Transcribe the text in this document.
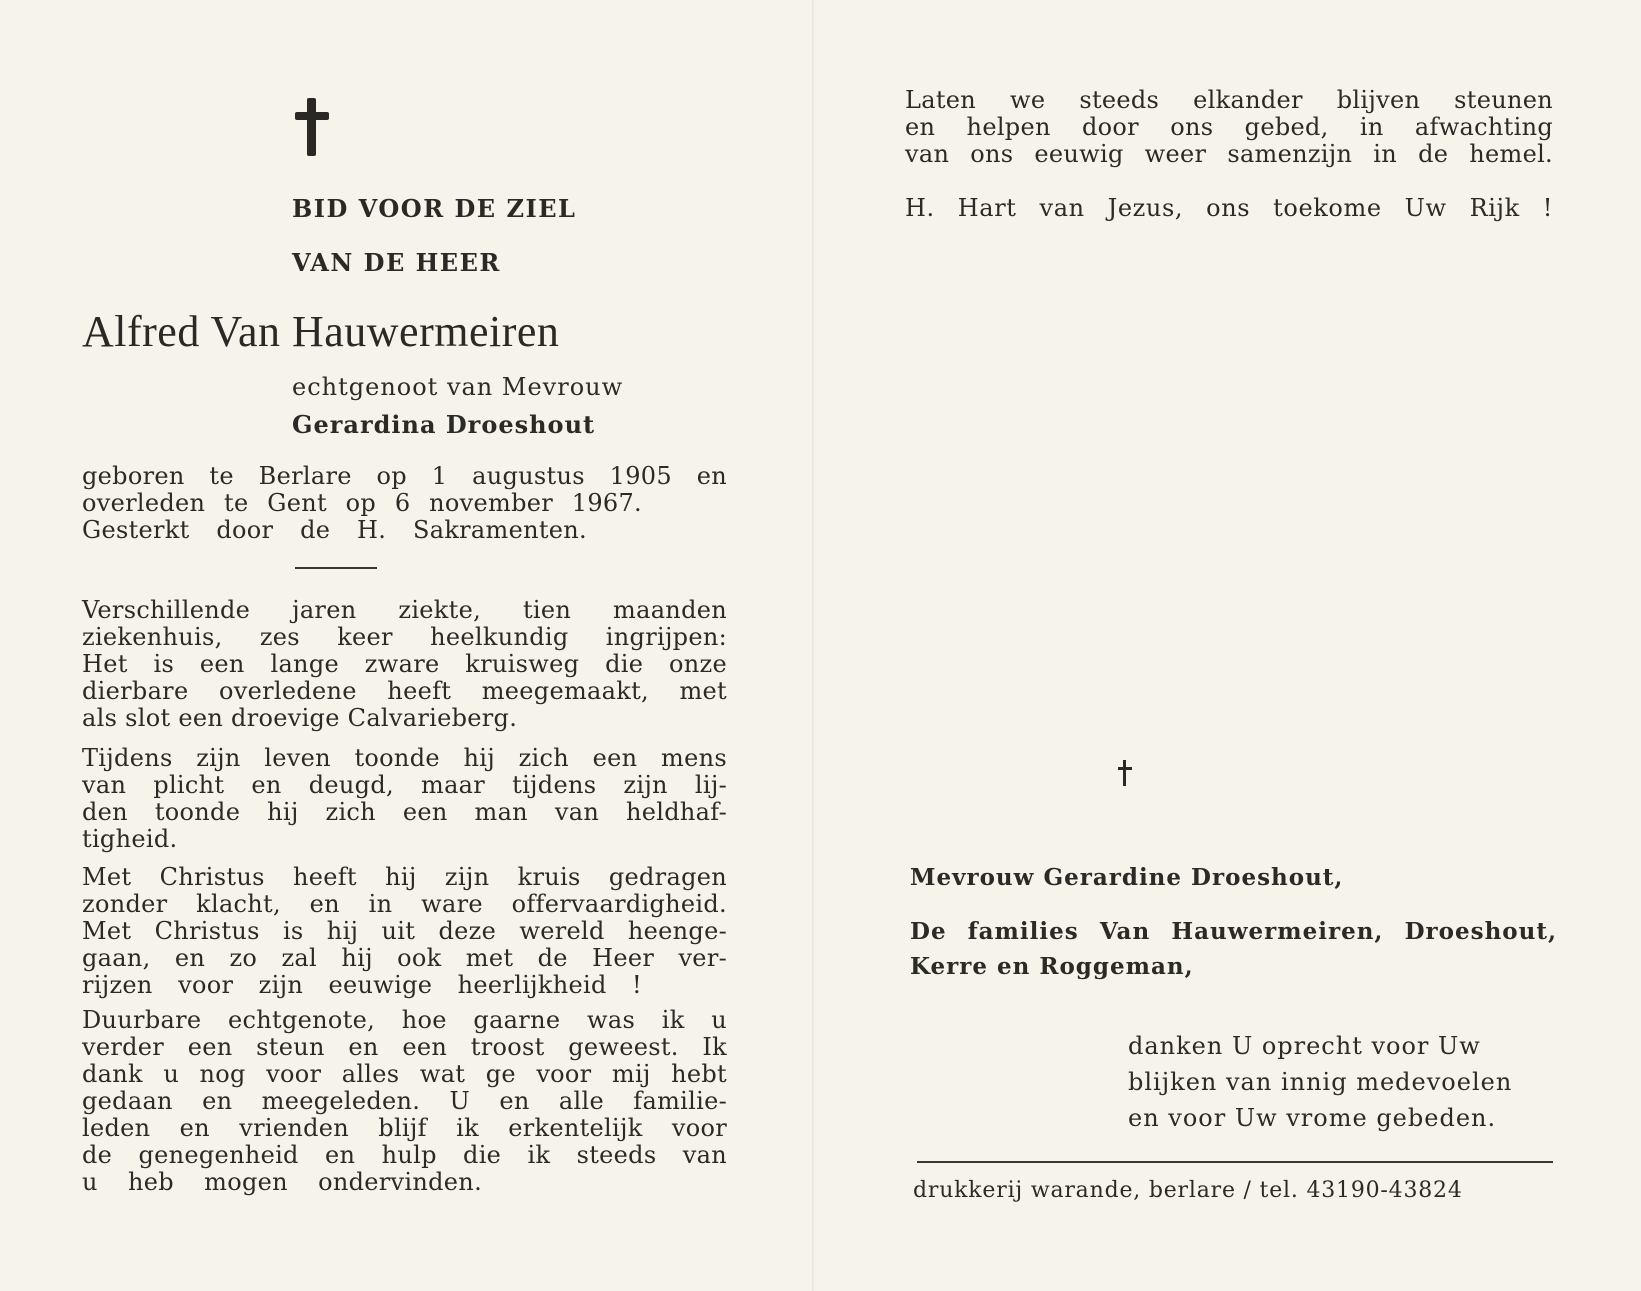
BID VOOR DE ZIEL
VAN DE HEER
Alfred Van Hauwermeiren
echtgenoot van Mevrouw
Gerardina Droeshout
geboren te Berlare op 1 augustus 1905 en
overleden te Gent op 6 november 1967.
Gesterkt door de H. Sakramenten.
Verschillende jaren ziekte, tien maanden
ziekenhuis, zes keer heelkundig ingrijpen:
Het is een lange zware kruisweg die onze
dierbare overledene heeft meegemaakt, met
als slot een droevige Calvarieberg.
Tijdens zijn leven toonde hij zich een mens
van plicht en deugd, maar tijdens zijn lij-
den toonde hij zich een man van heldhaf-
tigheid.
Met Christus heeft hij zijn kruis gedragen
zonder klacht, en in ware offervaardigheid.
Met Christus is hij uit deze wereld heenge-
gaan, en zo zal hij ook met de Heer ver-
rijzen voor zijn eeuwige heerlijkheid !
Duurbare echtgenote, hoe gaarne was ik u
verder een steun en een troost geweest. Ik
dank u nog voor alles wat ge voor mij hebt
gedaan en meegeleden. U en alle familie-
leden en vrienden blijf ik erkentelijk voor
de genegenheid en hulp die ik steeds van
u heb mogen ondervinden.
Laten we steeds elkander blijven steunen
en helpen door ons gebed, in afwachting
van ons eeuwig weer samenzijn in de hemel.
H. Hart van Jezus, ons toekome Uw Rijk !
Mevrouw Gerardine Droeshout,
De families Van Hauwermeiren, Droeshout,
Kerre en Roggeman,
danken U oprecht voor Uw
blijken van innig medevoelen
en voor Uw vrome gebeden.
drukkerij warande, berlare / tel. 43190-43824
